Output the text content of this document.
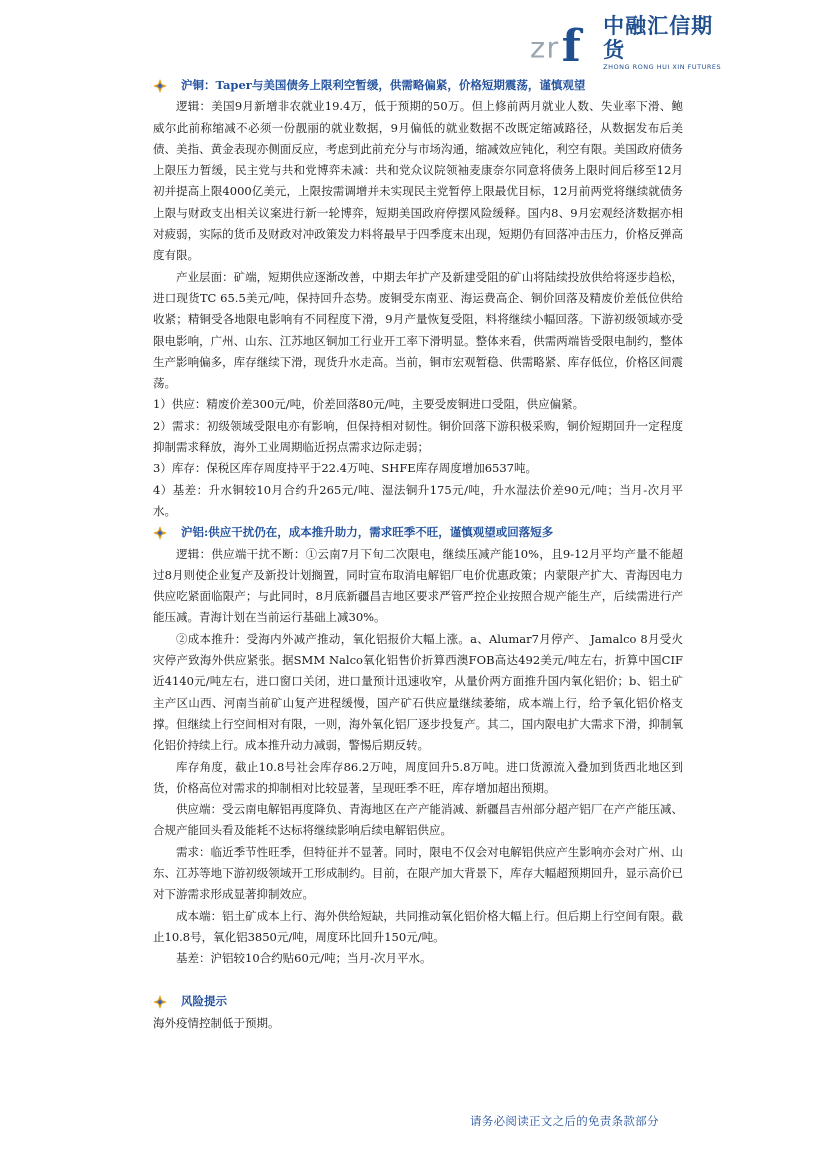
z r f 中融汇信期货
ZHONG RONG HUI XIN FUTURES
沪铜：Taper与美国债务上限利空暂缓，供需略偏紧，价格短期震荡，谨慎观望

逻辑：美国9月新增非农就业19.4万，低于预期的50万。但上修前两月就业人数、失业率下滑、鲍威尔此前称缩减不必须一份靓丽的就业数据，9月偏低的就业数据不改既定缩减路径，从数据发布后美债、美指、黄金表现亦侧面反应，考虑到此前充分与市场沟通，缩减效应钝化，利空有限。美国政府债务上限压力暂缓，民主党与共和党博弈未减：共和党众议院领袖麦康奈尔同意将债务上限时间后移至12月初并提高上限4000亿美元，上限按需调增并未实现民主党暂停上限最优目标，12月前两党将继续就债务上限与财政支出相关议案进行新一轮博弈，短期美国政府停摆风险缓释。国内8、9月宏观经济数据亦相对疲弱，实际的货币及财政对冲政策发力料将最早于四季度末出现，短期仍有回落冲击压力，价格反弹高度有限。

产业层面：矿端，短期供应逐渐改善，中期去年扩产及新建受阻的矿山将陆续投放供给将逐步趋松，进口现货TC 65.5美元/吨，保持回升态势。废铜受东南亚、海运费高企、铜价回落及精废价差低位供给收紧；精铜受各地限电影响有不同程度下滑，9月产量恢复受阻，料将继续小幅回落。下游初级领域亦受限电影响，广州、山东、江苏地区铜加工行业开工率下滑明显。整体来看，供需两端皆受限电制约，整体生产影响偏多，库存继续下滑，现货升水走高。当前，铜市宏观暂稳、供需略紧、库存低位，价格区间震荡。

1）供应：精废价差300元/吨，价差回落80元/吨，主要受废铜进口受阻，供应偏紧。

2）需求：初级领域受限电亦有影响，但保持相对韧性。铜价回落下游积极采购，铜价短期回升一定程度抑制需求释放，海外工业周期临近拐点需求边际走弱；

3）库存：保税区库存周度持平于22.4万吨、SHFE库存周度增加6537吨。

4）基差：升水铜较10月合约升265元/吨、湿法铜升175元/吨，升水湿法价差90元/吨；当月-次月平水。

沪铝:供应干扰仍在，成本推升助力，需求旺季不旺，谨慎观望或回落短多

逻辑：供应端干扰不断：①云南7月下旬二次限电，继续压减产能10%，且9-12月平均产量不能超过8月则使企业复产及新投计划搁置，同时宣布取消电解铝厂电价优惠政策；内蒙限产扩大、青海因电力供应吃紧面临限产；与此同时，8月底新疆昌吉地区要求严管严控企业按照合规产能生产，后续需进行产能压减。青海计划在当前运行基础上减30%。

②成本推升：受海内外减产推动，氧化铝报价大幅上涨。a、Alumar7月停产、 Jamalco 8月受火灾停产致海外供应紧张。据SMM Nalco氧化铝售价折算西澳FOB高达492美元/吨左右，折算中国CIF近4140元/吨左右，进口窗口关闭，进口量预计迅速收窄，从量价两方面推升国内氧化铝价；b、铝土矿主产区山西、河南当前矿山复产进程缓慢，国产矿石供应量继续萎缩，成本端上行，给予氧化铝价格支撑。但继续上行空间相对有限，一则，海外氧化铝厂逐步投复产。其二，国内限电扩大需求下滑，抑制氧化铝价持续上行。成本推升动力减弱，警惕后期反转。

库存角度，截止10.8号社会库存86.2万吨，周度回升5.8万吨。进口货源流入叠加到货西北地区到货，价格高位对需求的抑制相对比较显著，呈现旺季不旺，库存增加超出预期。

供应端：受云南电解铝再度降负、青海地区在产产能消减、新疆昌吉州部分超产铝厂在产产能压减、合规产能回头看及能耗不达标将继续影响后续电解铝供应。

需求：临近季节性旺季，但特征并不显著。同时，限电不仅会对电解铝供应产生影响亦会对广州、山东、江苏等地下游初级领域开工形成制约。目前，在限产加大背景下，库存大幅超预期回升，显示高价已对下游需求形成显著抑制效应。

成本端：铝土矿成本上行、海外供给短缺，共同推动氧化铝价格大幅上行。但后期上行空间有限。截止10.8号，氧化铝3850元/吨，周度环比回升150元/吨。

基差：沪铝较10合约贴60元/吨；当月-次月平水。

风险提示

海外疫情控制低于预期。

请务必阅读正文之后的免责条款部分
